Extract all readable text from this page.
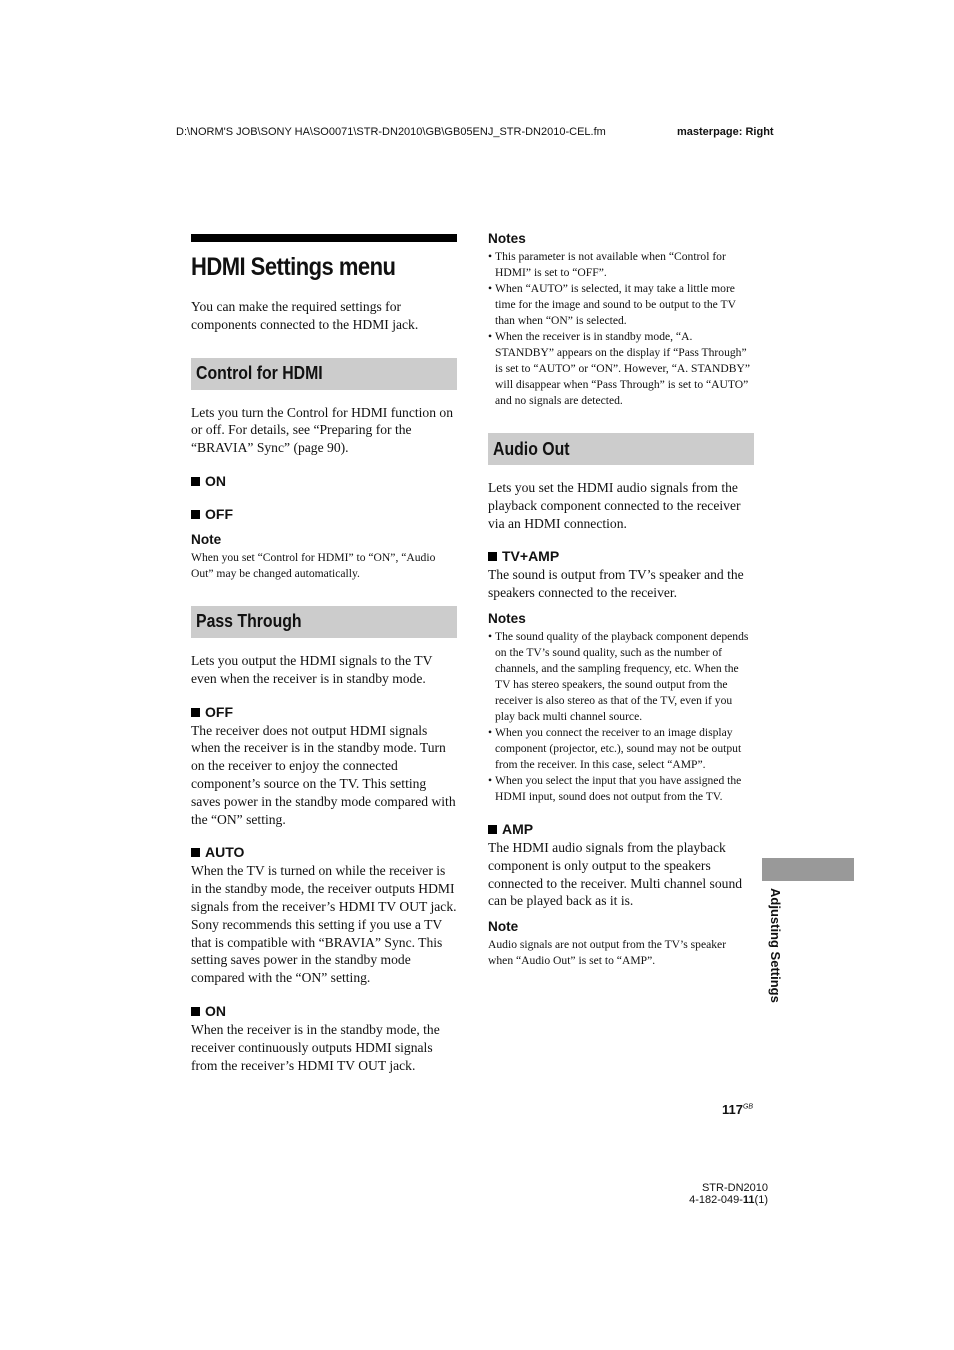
D:\NORM'S JOB\SONY HA\SO0071\STR-DN2010\GB\GB05ENJ_STR-DN2010-CEL.fm	masterpage: Right
HDMI Settings menu

You can make the required settings for components connected to the HDMI jack.

Control for HDMI

Lets you turn the Control for HDMI function on or off. For details, see “Preparing for the “BRAVIA” Sync” (page 90).

ON
OFF
Note

When you set “Control for HDMI” to “ON”, “Audio Out” may be changed automatically.

Pass Through

Lets you output the HDMI signals to the TV even when the receiver is in standby mode.

OFF

The receiver does not output HDMI signals when the receiver is in the standby mode. Turn on the receiver to enjoy the connected component’s source on the TV. This setting saves power in the standby mode compared with the “ON” setting.

AUTO

When the TV is turned on while the receiver is in the standby mode, the receiver outputs HDMI signals from the receiver’s HDMI TV OUT jack. Sony recommends this setting if you use a TV that is compatible with “BRAVIA” Sync. This setting saves power in the standby mode compared with the “ON” setting.

ON

When the receiver is in the standby mode, the receiver continuously outputs HDMI signals from the receiver’s HDMI TV OUT jack.

Notes
• This parameter is not available when “Control for HDMI” is set to “OFF”.
• When “AUTO” is selected, it may take a little more time for the image and sound to be output to the TV than when “ON” is selected.
• When the receiver is in standby mode, “A. STANDBY” appears on the display if “Pass Through” is set to “AUTO” or “ON”. However, “A. STANDBY” will disappear when “Pass Through” is set to “AUTO” and no signals are detected.
Audio Out

Lets you set the HDMI audio signals from the playback component connected to the receiver via an HDMI connection.

TV+AMP

The sound is output from TV’s speaker and the speakers connected to the receiver.

Notes
• The sound quality of the playback component depends on the TV’s sound quality, such as the number of channels, and the sampling frequency, etc. When the TV has stereo speakers, the sound output from the receiver is also stereo as that of the TV, even if you play back multi channel source.
• When you connect the receiver to an image display component (projector, etc.), sound may not be output from the receiver. In this case, select “AMP”.
• When you select the input that you have assigned the HDMI input, sound does not output from the TV.
AMP

The HDMI audio signals from the playback component is only output to the speakers connected to the receiver. Multi channel sound can be played back as it is.

Note

Audio signals are not output from the TV’s speaker when “Audio Out” is set to “AMP”.	Adjusting Settings
$117^{GB}$
STR-DN2010
4-182-049-11(1)
